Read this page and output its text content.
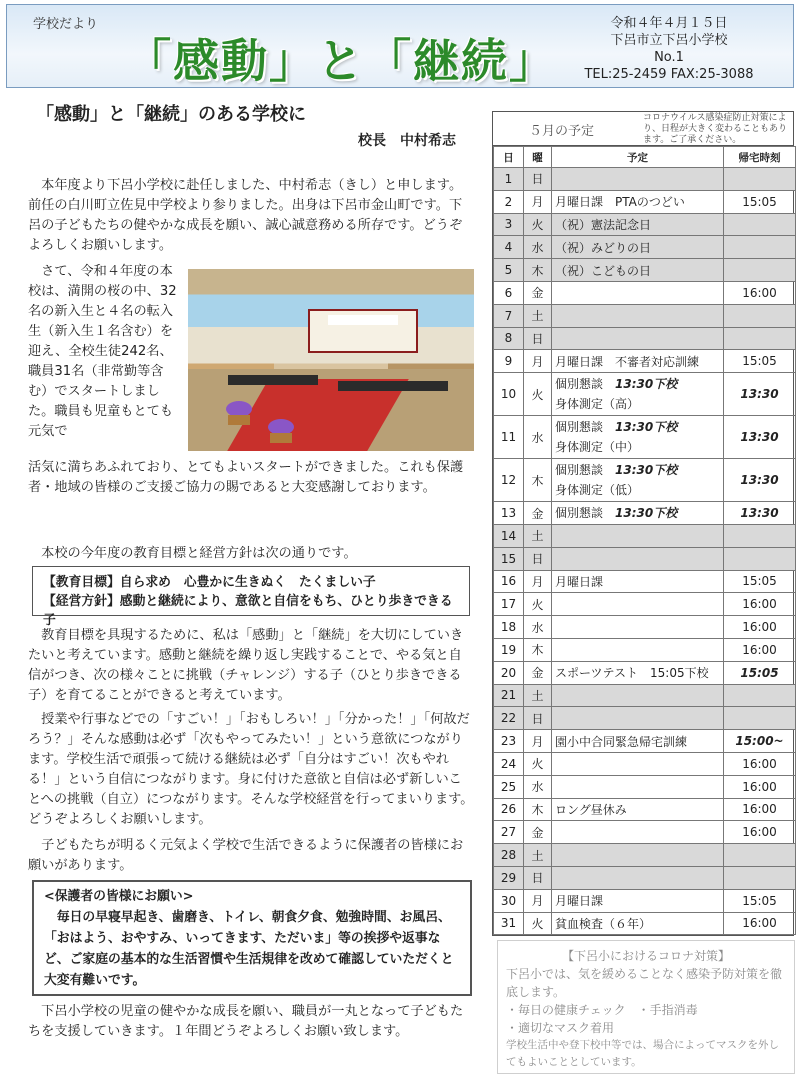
学校だより
「感動」と「継続」
令和４年４月１５日
下呂市立下呂小学校
No.1
TEL:25-2459 FAX:25-3088
「感動」と「継続」のある学校に
校長　中村希志
　本年度より下呂小学校に赴任しました、中村希志（きし）と申します。前任の白川町立佐見中学校より参りました。出身は下呂市金山町です。下呂の子どもたちの健やかな成長を願い、誠心誠意務める所存です。どうぞよろしくお願いします。
　さて、令和４年度の本校は、満開の桜の中、32名の新入生と４名の転入生（新入生１名含む）を迎え、全校生徒242名、職員31名（非常勤等含む）でスタートしました。職員も児童もとても元気で
活気に満ちあふれており、とてもよいスタートができました。これも保護者・地域の皆様のご支援ご協力の賜であると大変感謝しております。
　本校の今年度の教育目標と経営方針は次の通りです。
【教育目標】自ら求め　心豊かに生きぬく　たくましい子
【経営方針】感動と継続により、意欲と自信をもち、ひとり歩きできる子
　教育目標を具現するために、私は「感動」と「継続」を大切にしていきたいと考えています。感動と継続を繰り返し実践することで、やる気と自信がつき、次の様々ことに挑戦（チャレンジ）する子（ひとり歩きできる子）を育てることができると考えています。
　授業や行事などでの「すごい！」「おもしろい！」「分かった！」「何故だろう？」そんな感動は必ず「次もやってみたい！」という意欲につながります。学校生活で頑張って続ける継続は必ず「自分はすごい！次もやれる！」という自信につながります。身に付けた意欲と自信は必ず新しいことへの挑戦（自立）につながります。そんな学校経営を行ってまいります。どうぞよろしくお願いします。
　子どもたちが明るく元気よく学校で生活できるように保護者の皆様にお願いがあります。
<保護者の皆様にお願い>
　毎日の早寝早起き、歯磨き、トイレ、朝食夕食、勉強時間、お風呂、「おはよう、おやすみ、いってきます、ただいま」等の挨拶や返事など、ご家庭の基本的な生活習慣や生活規律を改めて確認していただくと大変有難いです。
　下呂小学校の児童の健やかな成長を願い、職員が一丸となって子どもたちを支援していきます。１年間どうぞよろしくお願い致します。
５月の予定
コロナウイルス感染症防止対策により、日程が大きく変わることもあります。ご了承ください。
日	曜	予定	帰宅時刻
1	日		
2	月	月曜日課　PTAのつどい	15:05
3	火	（祝）憲法記念日	
4	水	（祝）みどりの日	
5	木	（祝）こどもの日	
6	金		16:00
7	土		
8	日		
9	月	月曜日課　不審者対応訓練	15:05
10	火	個別懇談　 13:30下校
身体測定（高）	13:30
11	水	個別懇談　 13:30下校
身体測定（中）	13:30
12	木	個別懇談　 13:30下校
身体測定（低）	13:30
13	金	個別懇談　 13:30下校	13:30
14	土		
15	日		
16	月	月曜日課	15:05
17	火		16:00
18	水		16:00
19	木		16:00
20	金	スポーツテスト　15:05下校	15:05
21	土		
22	日		
23	月	園小中合同緊急帰宅訓練	15:00~
24	火		16:00
25	水		16:00
26	木	ロング昼休み	16:00
27	金		16:00
28	土		
29	日		
30	月	月曜日課	15:05
31	火	貧血検査（６年）	16:00
【下呂小におけるコロナ対策】
下呂小では、気を緩めることなく感染予防対策を徹底します。
・毎日の健康チェック　・手指消毒
・適切なマスク着用
学校生活中や登下校中等では、場合によってマスクを外してもよいこととしています。
